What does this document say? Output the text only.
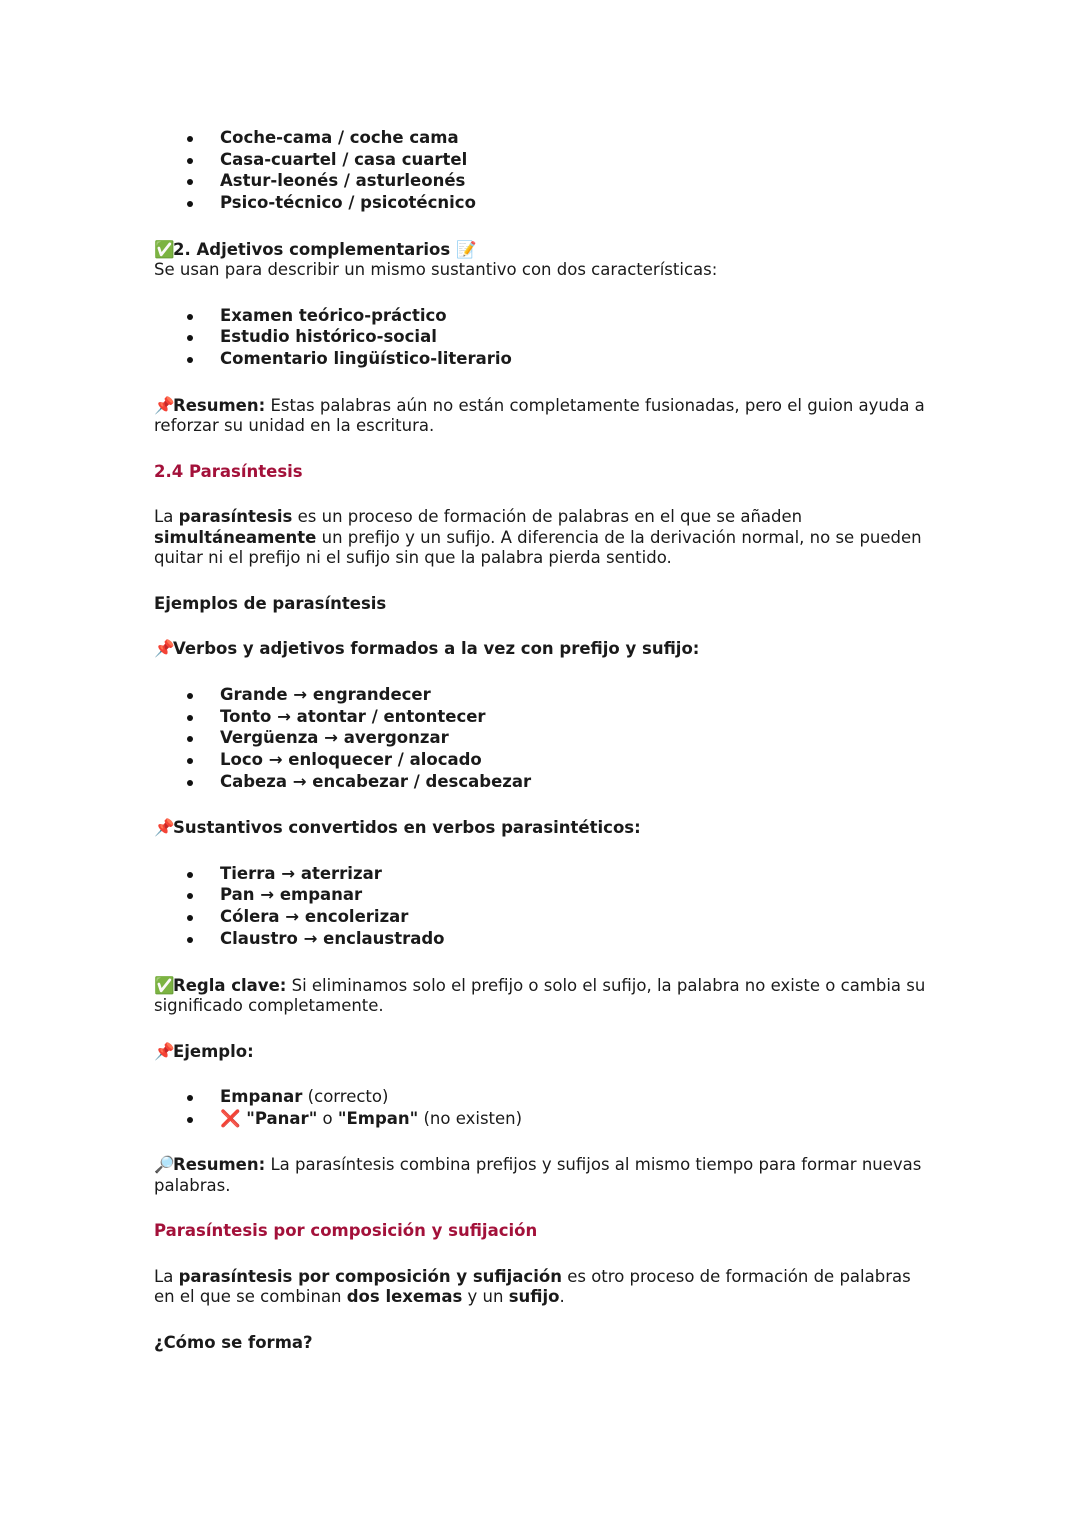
Coche-cama / coche cama
Casa-cuartel / casa cuartel
Astur-leonés / asturleonés
Psico-técnico / psicotécnico

✅2. Adjetivos complementarios 📝

Se usan para describir un mismo sustantivo con dos características:

Examen teórico-práctico
Estudio histórico-social
Comentario lingüístico-literario

📌Resumen: Estas palabras aún no están completamente fusionadas, pero el guion ayuda a reforzar su unidad en la escritura.

2.4 Parasíntesis

La parasíntesis es un proceso de formación de palabras en el que se añaden simultáneamente un prefijo y un sufijo. A diferencia de la derivación normal, no se pueden quitar ni el prefijo ni el sufijo sin que la palabra pierda sentido.

Ejemplos de parasíntesis

📌Verbos y adjetivos formados a la vez con prefijo y sufijo:

Grande → engrandecer
Tonto → atontar / entontecer
Vergüenza → avergonzar
Loco → enloquecer / alocado
Cabeza → encabezar / descabezar

📌Sustantivos convertidos en verbos parasintéticos:

Tierra → aterrizar
Pan → empanar
Cólera → encolerizar
Claustro → enclaustrado

✅Regla clave: Si eliminamos solo el prefijo o solo el sufijo, la palabra no existe o cambia su significado completamente.

📌Ejemplo:

Empanar (correcto)
❌ "Panar" o "Empan" (no existen)

🔎Resumen: La parasíntesis combina prefijos y sufijos al mismo tiempo para formar nuevas palabras.

Parasíntesis por composición y sufijación

La parasíntesis por composición y sufijación es otro proceso de formación de palabras en el que se combinan dos lexemas y un sufijo.

¿Cómo se forma?
